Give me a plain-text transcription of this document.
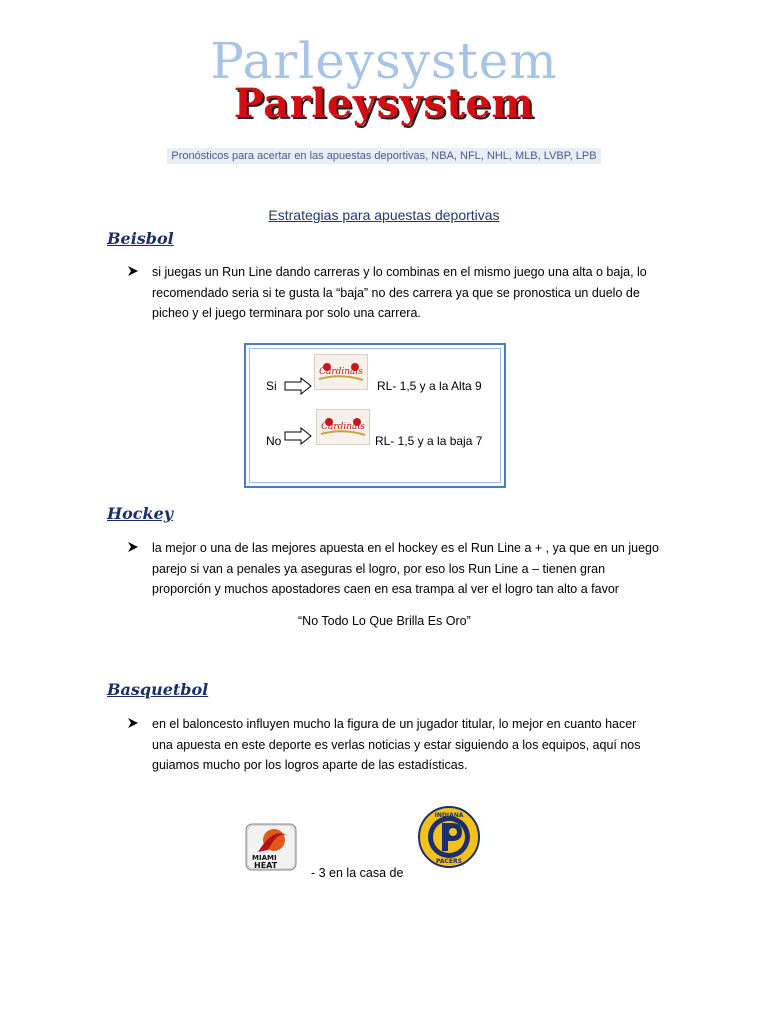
Parleysystem
Parleysystem
Pronósticos para acertar en las apuestas deportivas, NBA, NFL, NHL, MLB, LVBP, LPB
Estrategias para apuestas deportivas
Beisbol
si juegas un Run Line dando carreras y lo combinas en el mismo juego una alta o baja, lo
recomendado seria si te gusta la “baja” no des carrera ya que se pronostica un duelo de
picheo y el juego terminara por solo una carrera.
Si
Cardinals
RL- 1,5 y a la Alta 9
No
Cardinals
RL- 1,5 y a la baja 7
Hockey
la mejor o una de las mejores apuesta en el hockey es el Run Line a + , ya que en un juego
parejo si van a penales ya aseguras el logro, por eso los Run Line a – tienen gran
proporción y muchos apostadores caen en esa trampa al ver el logro tan alto a favor
“No Todo Lo Que Brilla Es Oro”
Basquetbol
en el baloncesto influyen mucho la figura de un jugador titular, lo mejor en cuanto hacer
una apuesta en este deporte es verlas noticias y estar siguiendo a los equipos, aquí nos
guiamos mucho por los logros aparte de las estadísticas.
MIAMI
HEAT
INDIANA
PACERS
- 3 en la casa de
